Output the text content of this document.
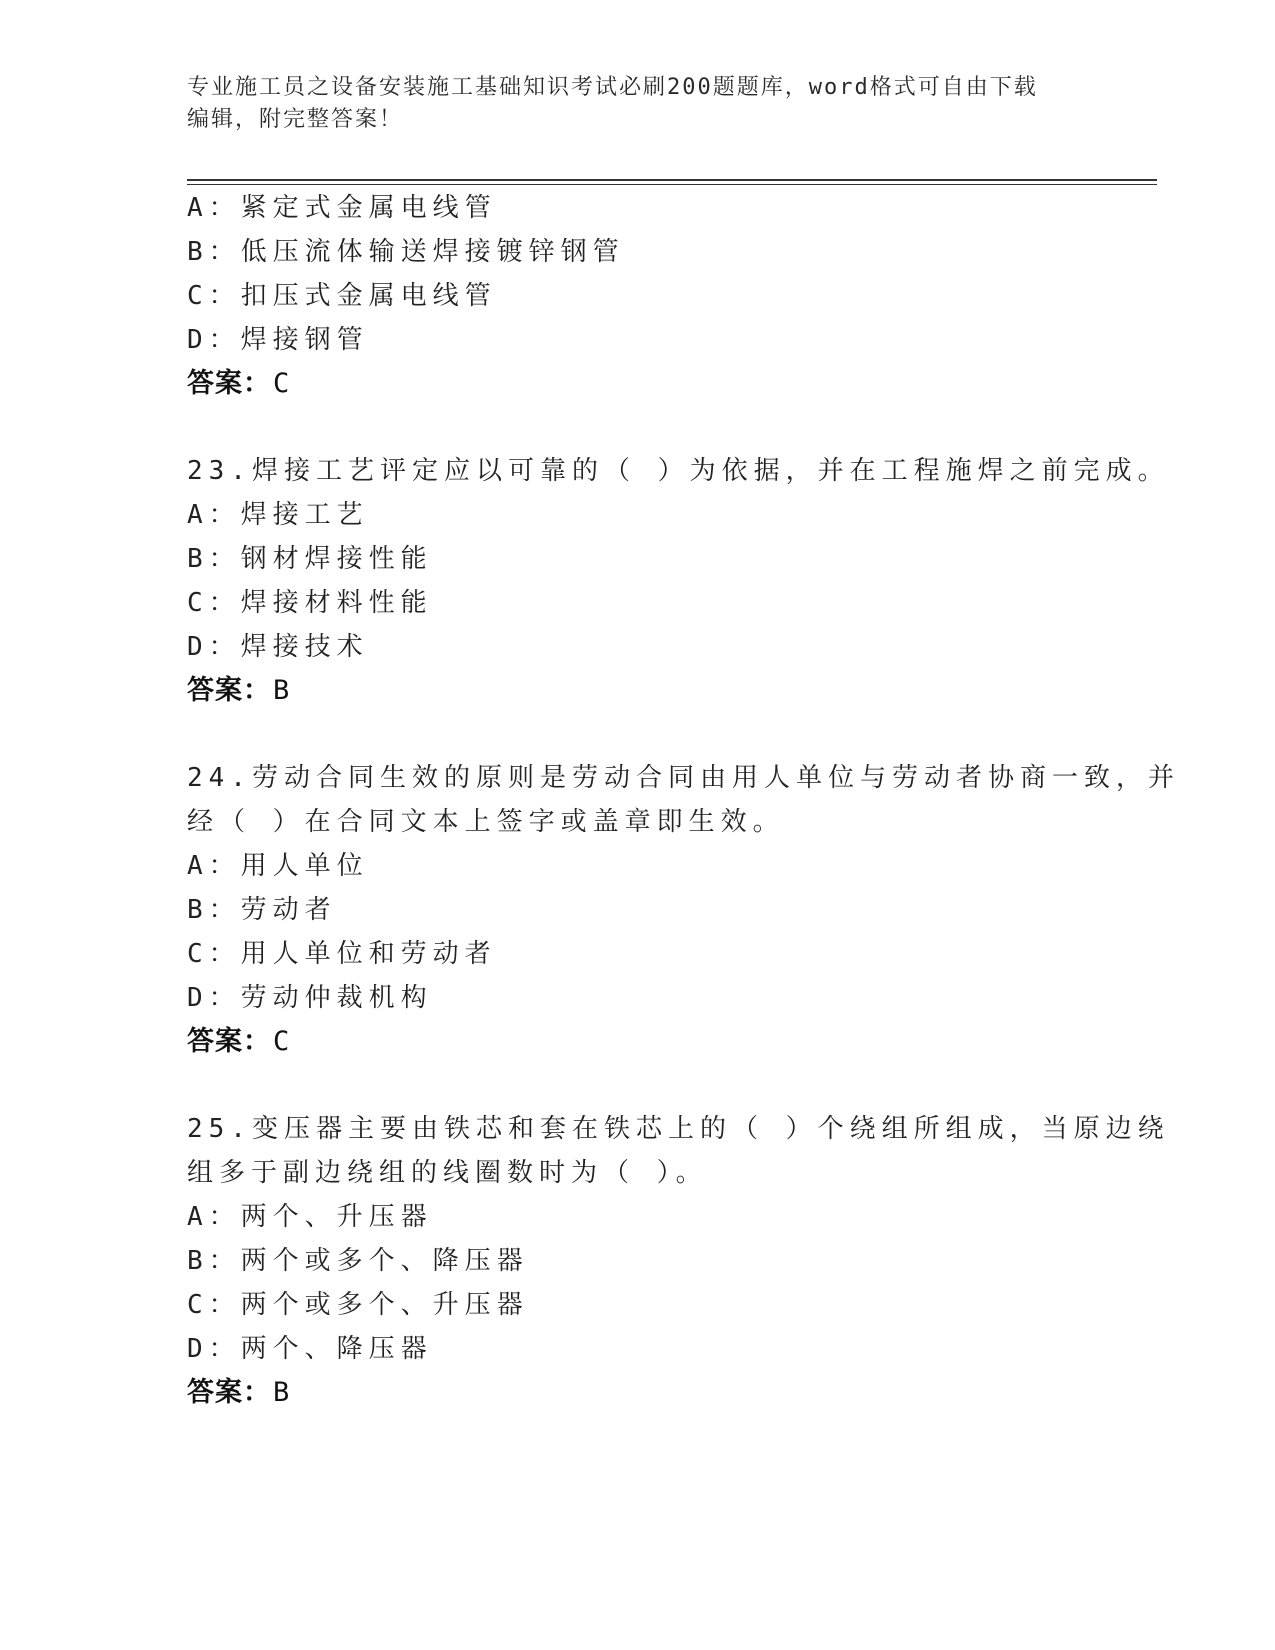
专业施工员之设备安装施工基础知识考试必刷200题题库，word格式可自由下载
编辑，附完整答案！
A：紧定式金属电线管
B：低压流体输送焊接镀锌钢管
C：扣压式金属电线管
D：焊接钢管
答案：C
23.焊接工艺评定应以可靠的（ ）为依据，并在工程施焊之前完成。
A：焊接工艺
B：钢材焊接性能
C：焊接材料性能
D：焊接技术
答案：B
24.劳动合同生效的原则是劳动合同由用人单位与劳动者协商一致，并
经（ ）在合同文本上签字或盖章即生效。
A：用人单位
B：劳动者
C：用人单位和劳动者
D：劳动仲裁机构
答案：C
25.变压器主要由铁芯和套在铁芯上的（ ）个绕组所组成，当原边绕
组多于副边绕组的线圈数时为（ ）。
A：两个、升压器
B：两个或多个、降压器
C：两个或多个、升压器
D：两个、降压器
答案：B
